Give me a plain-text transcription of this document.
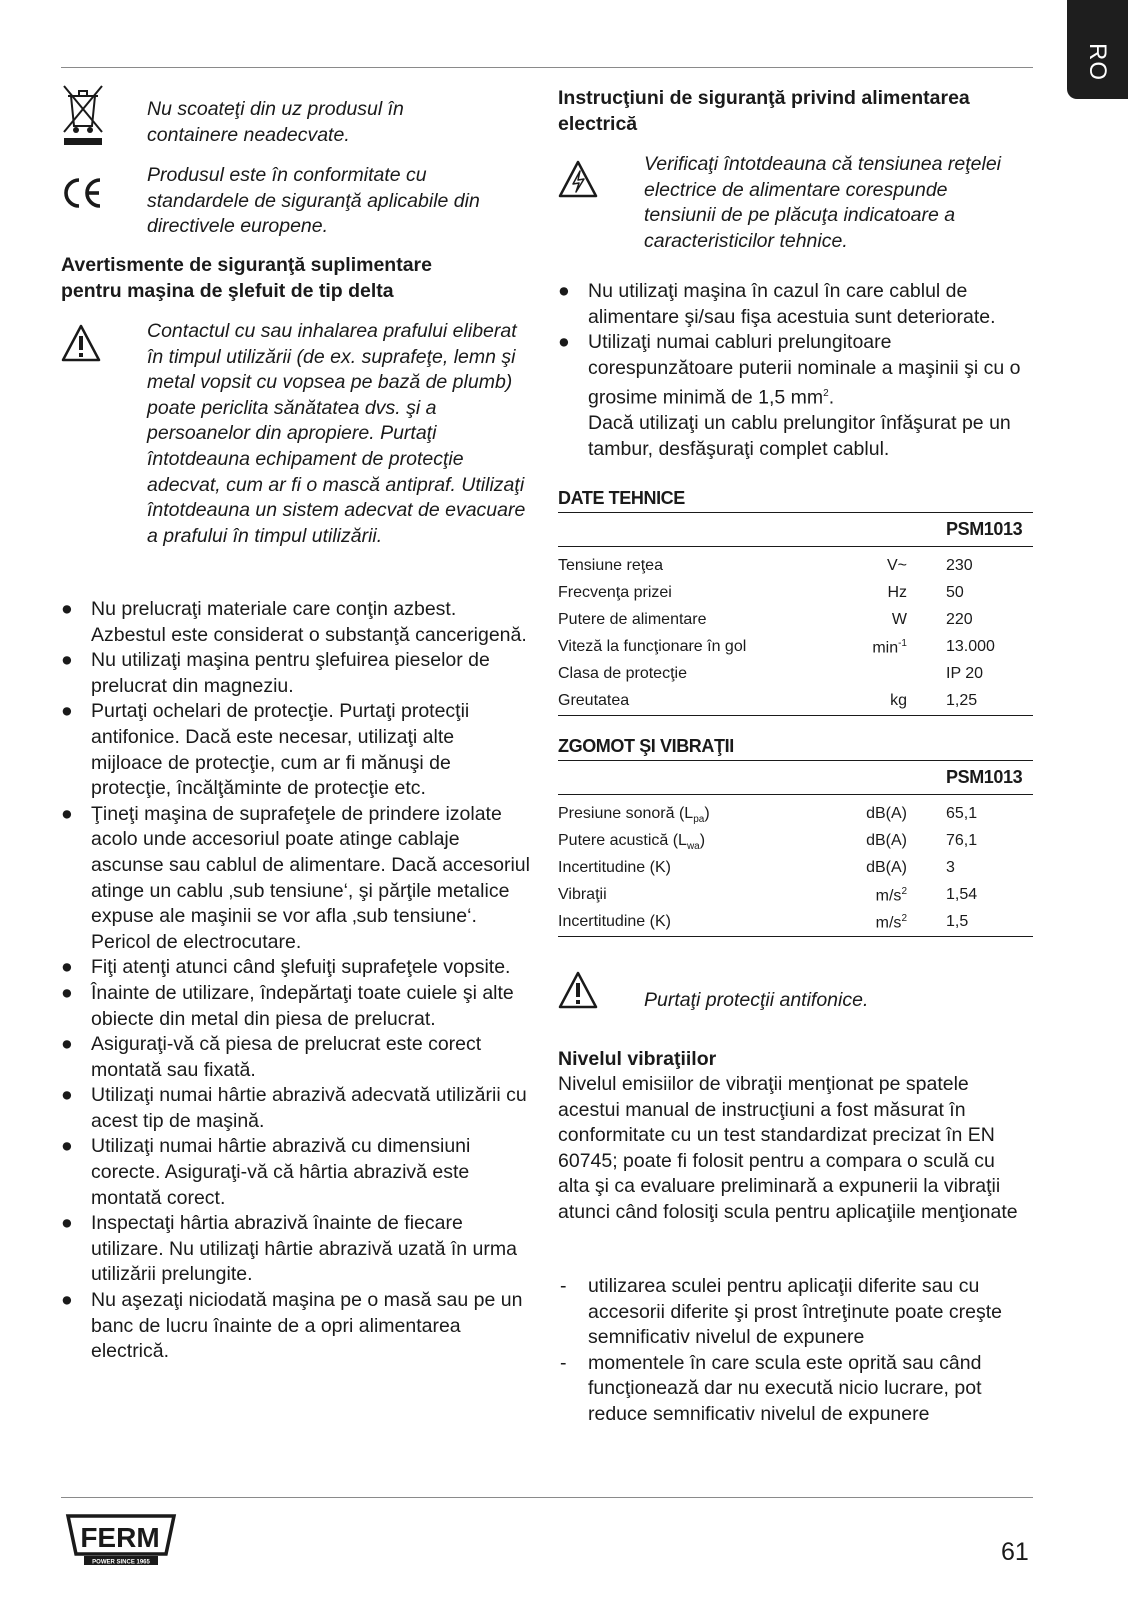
RO
Nu scoateţi din uz produsul în containere neadecvate.
Produsul este în conformitate cu standardele de siguranţă aplicabile din directivele europene.
Avertismente de siguranţă suplimentare pentru maşina de şlefuit de tip delta
Contactul cu sau inhalarea prafului eliberat în timpul utilizării (de ex. suprafeţe, lemn şi metal vopsit cu vopsea pe bază de plumb) poate periclita sănătatea dvs. şi a persoanelor din apropiere. Purtaţi întotdeauna echipament de protecţie adecvat, cum ar fi o mască antipraf. Utilizaţi întotdeauna un sistem adecvat de evacuare a prafului în timpul utilizării.
● Nu prelucraţi materiale care conţin azbest. Azbestul este considerat o substanţă cancerigenă.
● Nu utilizaţi maşina pentru şlefuirea pieselor de prelucrat din magneziu.
● Purtaţi ochelari de protecţie. Purtaţi protecţii antifonice. Dacă este necesar, utilizaţi alte mijloace de protecţie, cum ar fi mănuşi de protecţie, încălţăminte de protecţie etc.
● Ţineţi maşina de suprafeţele de prindere izolate acolo unde accesoriul poate atinge cablaje ascunse sau cablul de alimentare. Dacă accesoriul atinge un cablu ‚sub tensiune‘, şi părţile metalice expuse ale maşinii se vor afla ‚sub tensiune‘. Pericol de electrocutare.
● Fiţi atenţi atunci când şlefuiţi suprafeţele vopsite.
● Înainte de utilizare, îndepărtaţi toate cuiele şi alte obiecte din metal din piesa de prelucrat.
● Asiguraţi-vă că piesa de prelucrat este corect montată sau fixată.
● Utilizaţi numai hârtie abrazivă adecvată utilizării cu acest tip de maşină.
● Utilizaţi numai hârtie abrazivă cu dimensiuni corecte. Asiguraţi-vă că hârtia abrazivă este montată corect.
● Inspectaţi hârtia abrazivă înainte de fiecare utilizare. Nu utilizaţi hârtie abrazivă uzată în urma utilizării prelungite.
● Nu aşezaţi niciodată maşina pe o masă sau pe un banc de lucru înainte de a opri alimentarea electrică.
Instrucţiuni de siguranţă privind alimentarea electrică
Verificaţi întotdeauna că tensiunea reţelei electrice de alimentare corespunde tensiunii de pe plăcuţa indicatoare a caracteristicilor tehnice.
● Nu utilizaţi maşina în cazul în care cablul de alimentare şi/sau fişa acestuia sunt deteriorate.
● Utilizaţi numai cabluri prelungitoare corespunzătoare puterii nominale a maşinii şi cu o grosime minimă de 1,5 $mm^2$.
Dacă utilizaţi un cablu prelungitor înfăşurat pe un tambur, desfăşuraţi complet cablul.
DATE TEHNICE
PSM1013
Tensiune reţea	V~ 230
Frecvenţa prizei	Hz 50
Putere de alimentare	W 220
Viteză la funcţionare în gol	$\min^{-1} 13.000$
Clasa de protecţie	IP 20
Greutatea	kg 1,25
ZGOMOT ŞI VIBRAŢII
PSM1013
Presiune sonoră $(L_{pa})$	dB(A) 65,1
Putere acustică $(L_{wa})$	dB(A) 76,1
Incertitudine (K)	dB(A) 3
Vibraţii	$m/s^2$ 1,54
Incertitudine (K)	$m/s^2$ 1,5
Purtaţi protecţii antifonice.
Nivelul vibraţiilor
Nivelul emisiilor de vibraţii menţionat pe spatele acestui manual de instrucţiuni a fost măsurat în conformitate cu un test standardizat precizat în EN 60745; poate fi folosit pentru a compara o sculă cu alta şi ca evaluare preliminară a expunerii la vibraţii atunci când folosiţi scula pentru aplicaţiile menţionate
- utilizarea sculei pentru aplicaţii diferite sau cu accesorii diferite şi prost întreţinute poate creşte semnificativ nivelul de expunere
- momentele în care scula este oprită sau când funcţionează dar nu execută nicio lucrare, pot reduce semnificativ nivelul de expunere
FERM
POWER SINCE 1965	61
